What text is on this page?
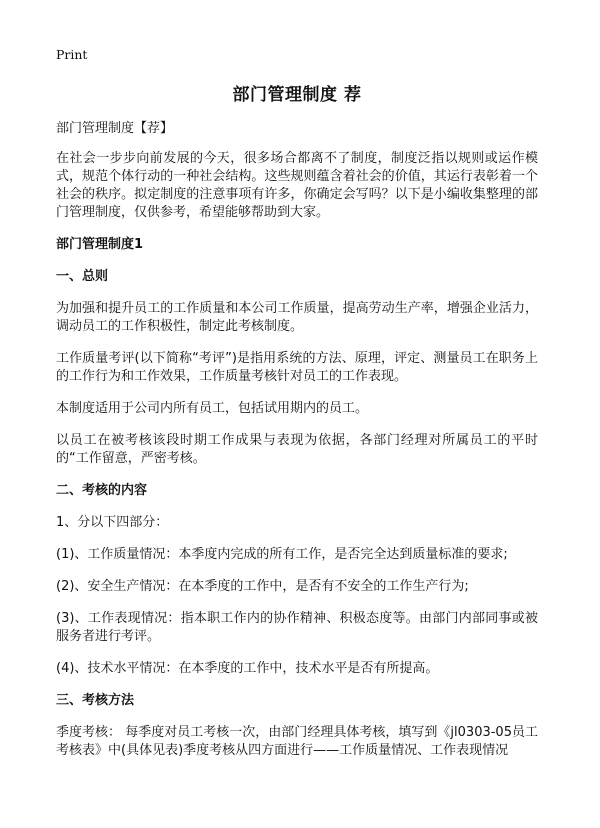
Print
部门管理制度 荐

部门管理制度【荐】

在社会一步步向前发展的今天，很多场合都离不了制度，制度泛指以规则或运作模式，规范个体行动的一种社会结构。这些规则蕴含着社会的价值，其运行表彰着一个社会的秩序。拟定制度的注意事项有许多，你确定会写吗？以下是小编收集整理的部门管理制度，仅供参考，希望能够帮助到大家。

部门管理制度1

一、总则

为加强和提升员工的工作质量和本公司工作质量，提高劳动生产率，增强企业活力，调动员工的工作积极性，制定此考核制度。

工作质量考评(以下简称“考评”)是指用系统的方法、原理，评定、测量员工在职务上的工作行为和工作效果，工作质量考核针对员工的工作表现。

本制度适用于公司内所有员工，包括试用期内的员工。

以员工在被考核该段时期工作成果与表现为依据，各部门经理对所属员工的平时的“工作留意，严密考核。

二、考核的内容

1、分以下四部分：

(1)、工作质量情况：本季度内完成的所有工作，是否完全达到质量标准的要求;

(2)、安全生产情况：在本季度的工作中，是否有不安全的工作生产行为;

(3)、工作表现情况：指本职工作内的协作精神、积极态度等。由部门内部同事或被服务者进行考评。

(4)、技术水平情况：在本季度的工作中，技术水平是否有所提高。

三、考核方法

季度考核： 每季度对员工考核一次，由部门经理具体考核，填写到《jl0303-05员工考核表》中(具体见表)季度考核从四方面进行——工作质量情况、工作表现情况
